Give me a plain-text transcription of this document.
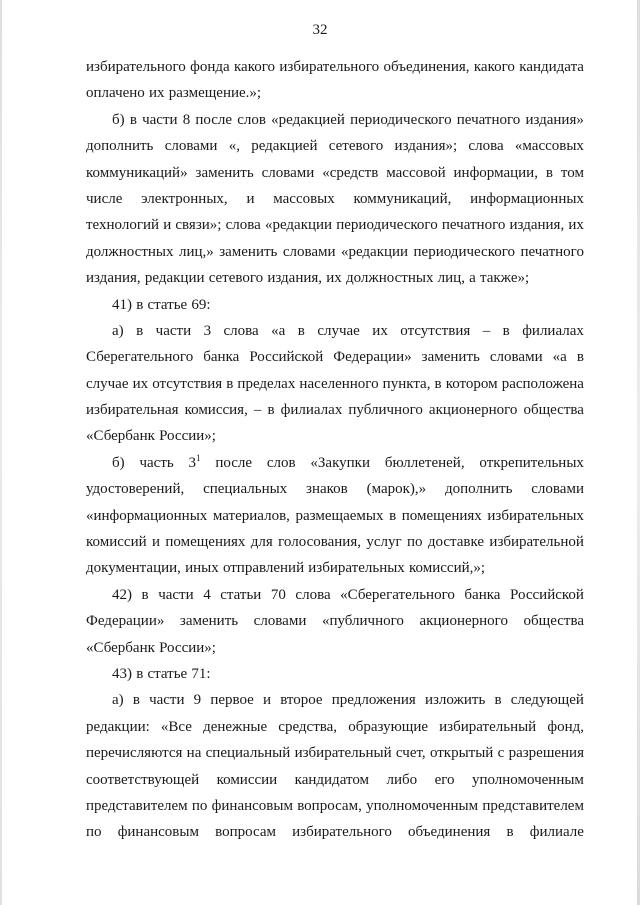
32
избирательного фонда какого избирательного объединения, какого кандидата
оплачено их размещение.»;
б) в части 8 после слов «редакцией периодического печатного издания»
дополнить словами «, редакцией сетевого издания»; слова «массовых
коммуникаций» заменить словами «средств массовой информации, в том
числе электронных, и массовых коммуникаций, информационных
технологий и связи»; слова «редакции периодического печатного издания, их
должностных лиц,» заменить словами «редакции периодического печатного
издания, редакции сетевого издания, их должностных лиц, а также»;
41) в статье 69:
а) в части 3 слова «а в случае их отсутствия – в филиалах
Сберегательного банка Российской Федерации» заменить словами «а в
случае их отсутствия в пределах населенного пункта, в котором расположена
избирательная комиссия, – в филиалах публичного акционерного общества
«Сбербанк России»;
б) часть $3^1$ после слов «Закупки бюллетеней, открепительных
удостоверений, специальных знаков (марок),» дополнить словами
«информационных материалов, размещаемых в помещениях избирательных
комиссий и помещениях для голосования, услуг по доставке избирательной
документации, иных отправлений избирательных комиссий,»;
42) в части 4 статьи 70 слова «Сберегательного банка Российской
Федерации» заменить словами «публичного акционерного общества
«Сбербанк России»;
43) в статье 71:
а) в части 9 первое и второе предложения изложить в следующей
редакции: «Все денежные средства, образующие избирательный фонд,
перечисляются на специальный избирательный счет, открытый с разрешения
соответствующей комиссии кандидатом либо его уполномоченным
представителем по финансовым вопросам, уполномоченным представителем
по финансовым вопросам избирательного объединения в филиале
